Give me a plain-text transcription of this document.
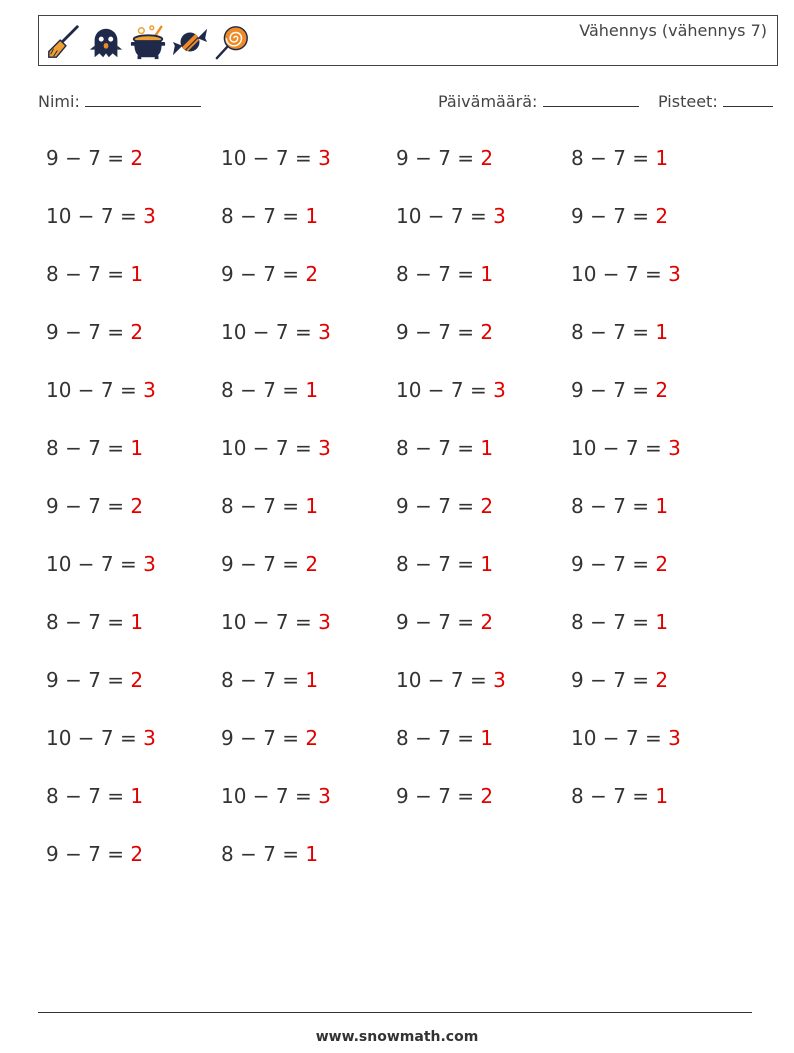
Vähennys (vähennys 7)
Nimi:	Päivämäärä:	Pisteet:
9 − 7 = 2	10 − 7 = 3	9 − 7 = 2	8 − 7 = 1
10 − 7 = 3	8 − 7 = 1	10 − 7 = 3	9 − 7 = 2
8 − 7 = 1	9 − 7 = 2	8 − 7 = 1	10 − 7 = 3
9 − 7 = 2	10 − 7 = 3	9 − 7 = 2	8 − 7 = 1
10 − 7 = 3	8 − 7 = 1	10 − 7 = 3	9 − 7 = 2
8 − 7 = 1	10 − 7 = 3	8 − 7 = 1	10 − 7 = 3
9 − 7 = 2	8 − 7 = 1	9 − 7 = 2	8 − 7 = 1
10 − 7 = 3	9 − 7 = 2	8 − 7 = 1	9 − 7 = 2
8 − 7 = 1	10 − 7 = 3	9 − 7 = 2	8 − 7 = 1
9 − 7 = 2	8 − 7 = 1	10 − 7 = 3	9 − 7 = 2
10 − 7 = 3	9 − 7 = 2	8 − 7 = 1	10 − 7 = 3
8 − 7 = 1	10 − 7 = 3	9 − 7 = 2	8 − 7 = 1
9 − 7 = 2	8 − 7 = 1
www.snowmath.com
